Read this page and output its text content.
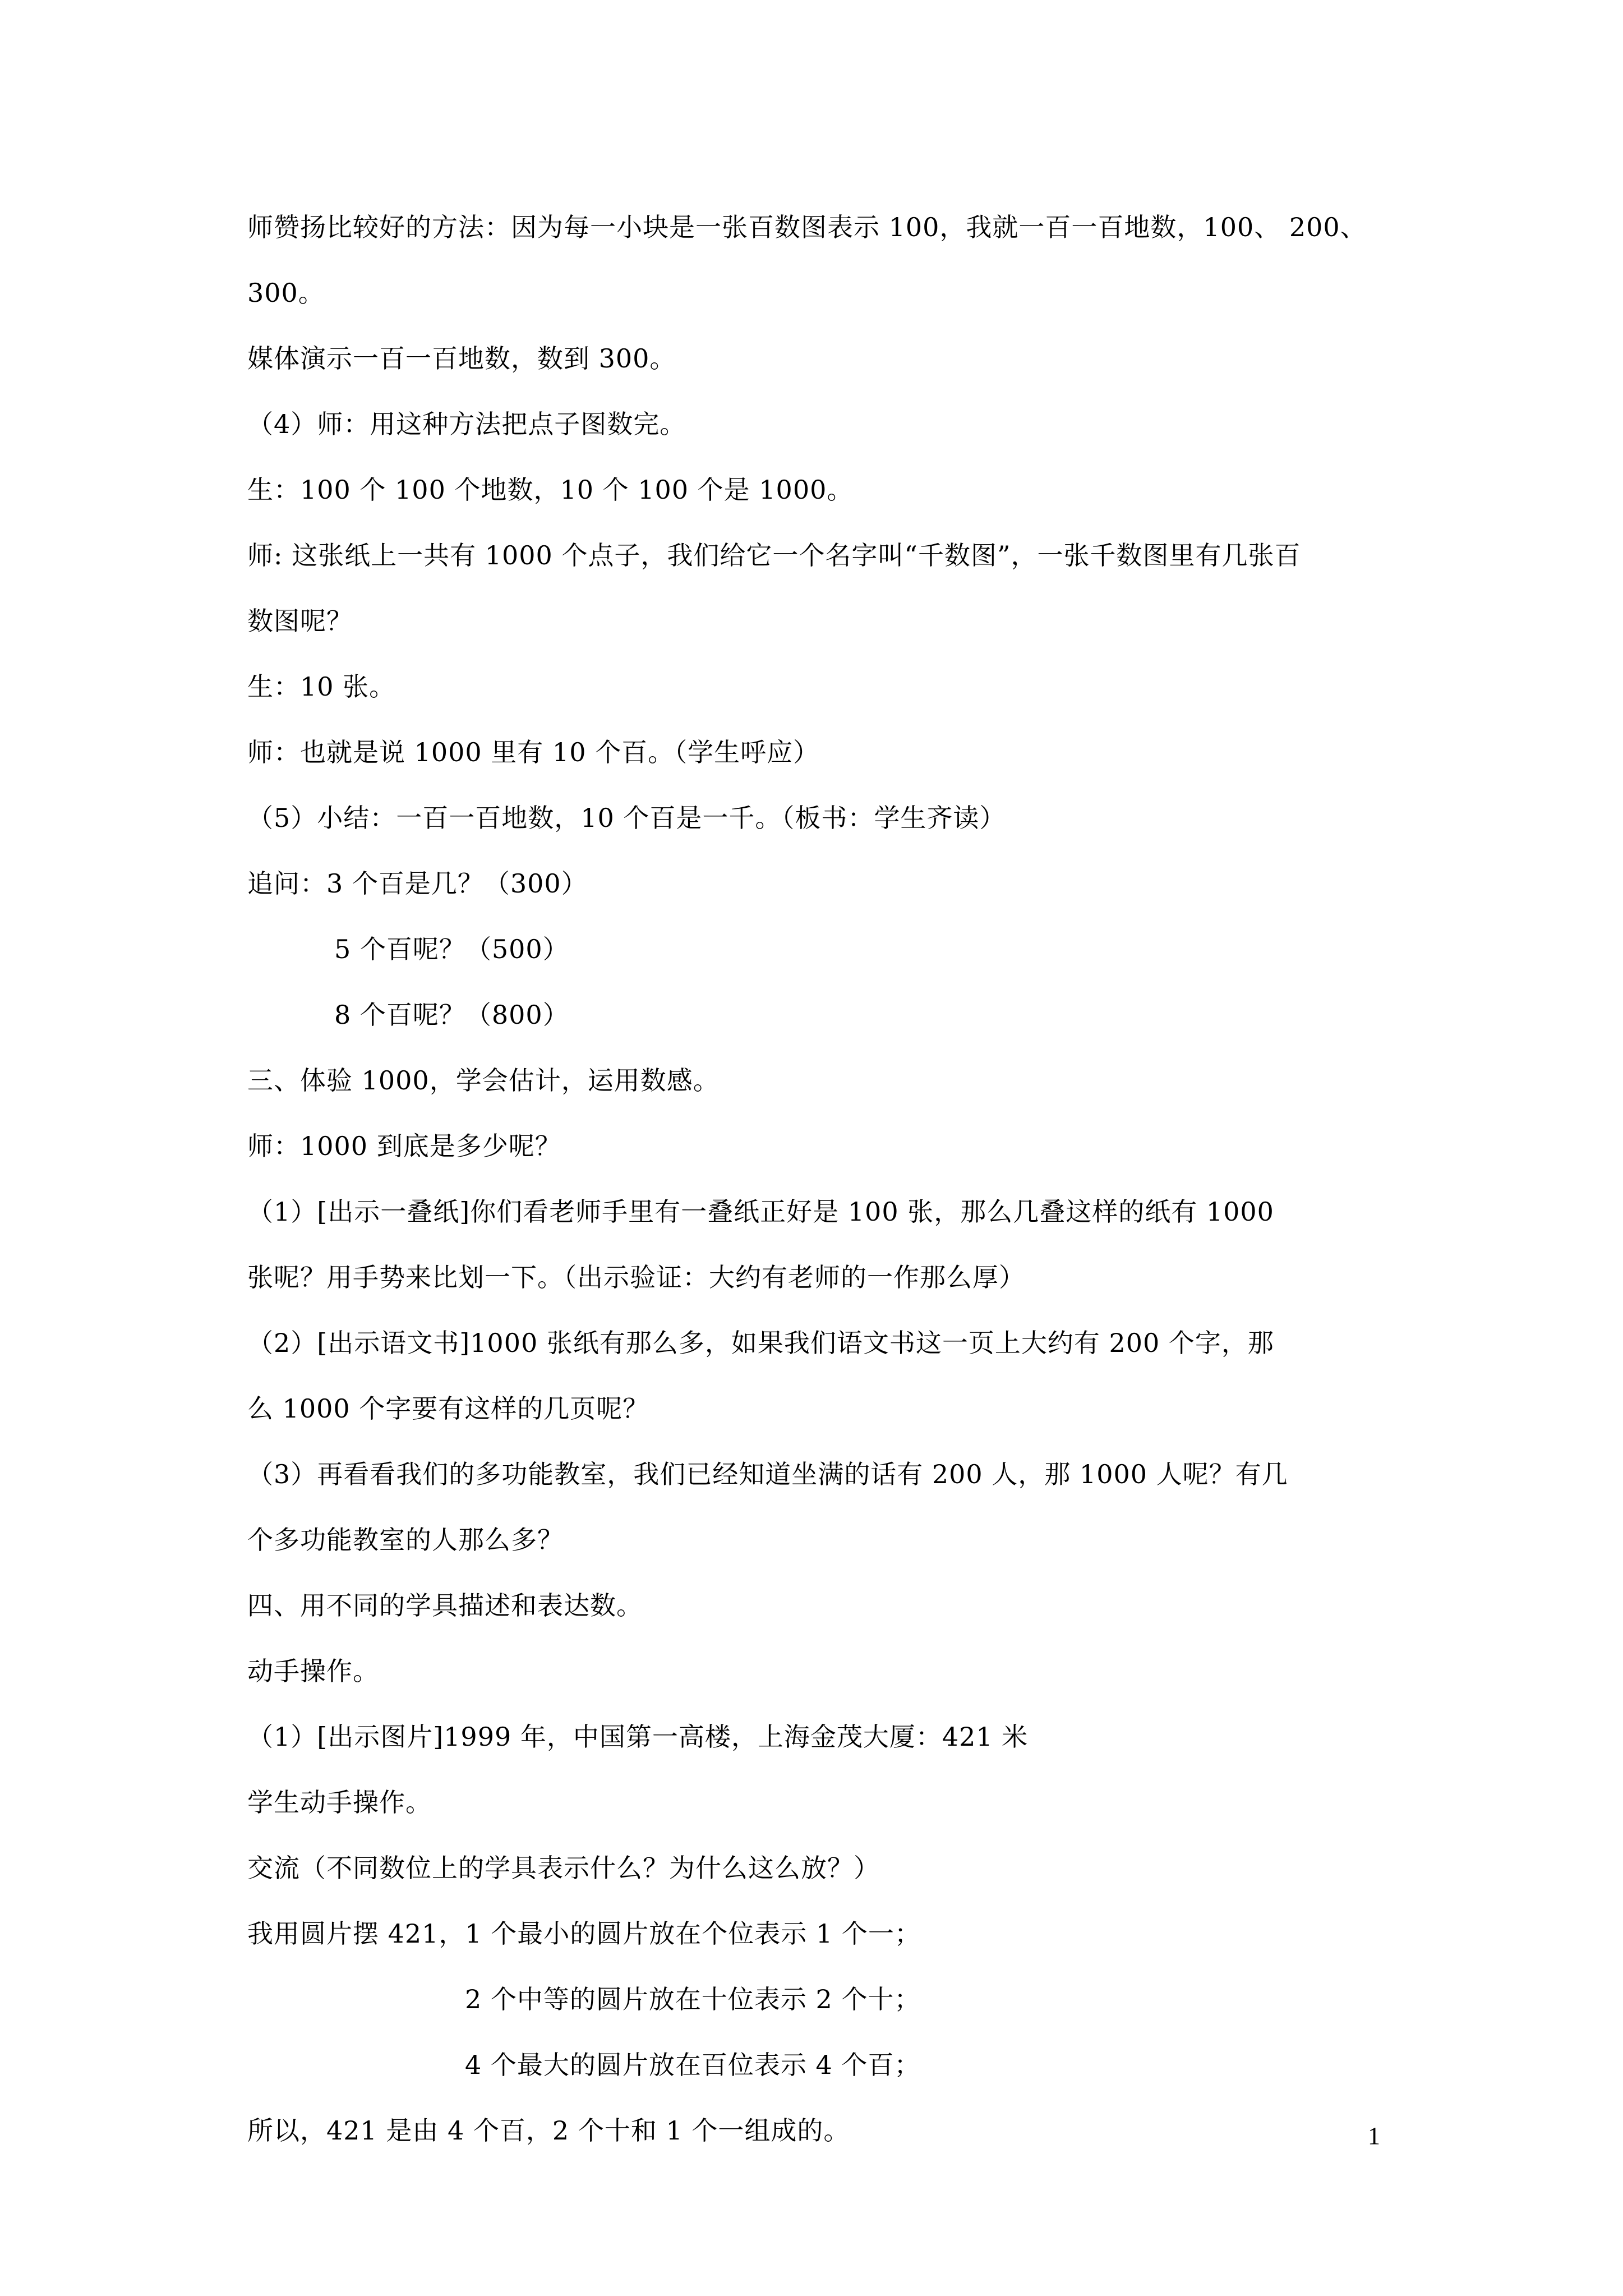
师赞扬比较好的方法：因为每一小块是一张百数图表示 100，我就一百一百地数，100、 200、
300。
媒体演示一百一百地数，数到 300。
（4）师：用这种方法把点子图数完。
生：100 个 100 个地数，10 个 100 个是 1000。
师: 这张纸上一共有 1000 个点子，我们给它一个名字叫“千数图”，一张千数图里有几张百
数图呢？
生：10 张。
师：也就是说 1000 里有 10 个百。（学生呼应）
（5）小结：一百一百地数，10 个百是一千。（板书：学生齐读）
追问：3 个百是几？（300）
5 个百呢？（500）
8 个百呢？（800）
三、体验 1000，学会估计，运用数感。
师：1000 到底是多少呢？
（1）[出示一叠纸]你们看老师手里有一叠纸正好是 100 张，那么几叠这样的纸有 1000
张呢？用手势来比划一下。（出示验证：大约有老师的一作那么厚）
（2）[出示语文书]1000 张纸有那么多，如果我们语文书这一页上大约有 200 个字，那
么 1000 个字要有这样的几页呢？
（3）再看看我们的多功能教室，我们已经知道坐满的话有 200 人，那 1000 人呢？有几
个多功能教室的人那么多？
四、用不同的学具描述和表达数。
动手操作。
（1）[出示图片]1999 年，中国第一高楼，上海金茂大厦：421 米
学生动手操作。
交流（不同数位上的学具表示什么？为什么这么放？）
我用圆片摆 421，1 个最小的圆片放在个位表示 1 个一；
2 个中等的圆片放在十位表示 2 个十；
4 个最大的圆片放在百位表示 4 个百；
所以，421 是由 4 个百，2 个十和 1 个一组成的。	1
